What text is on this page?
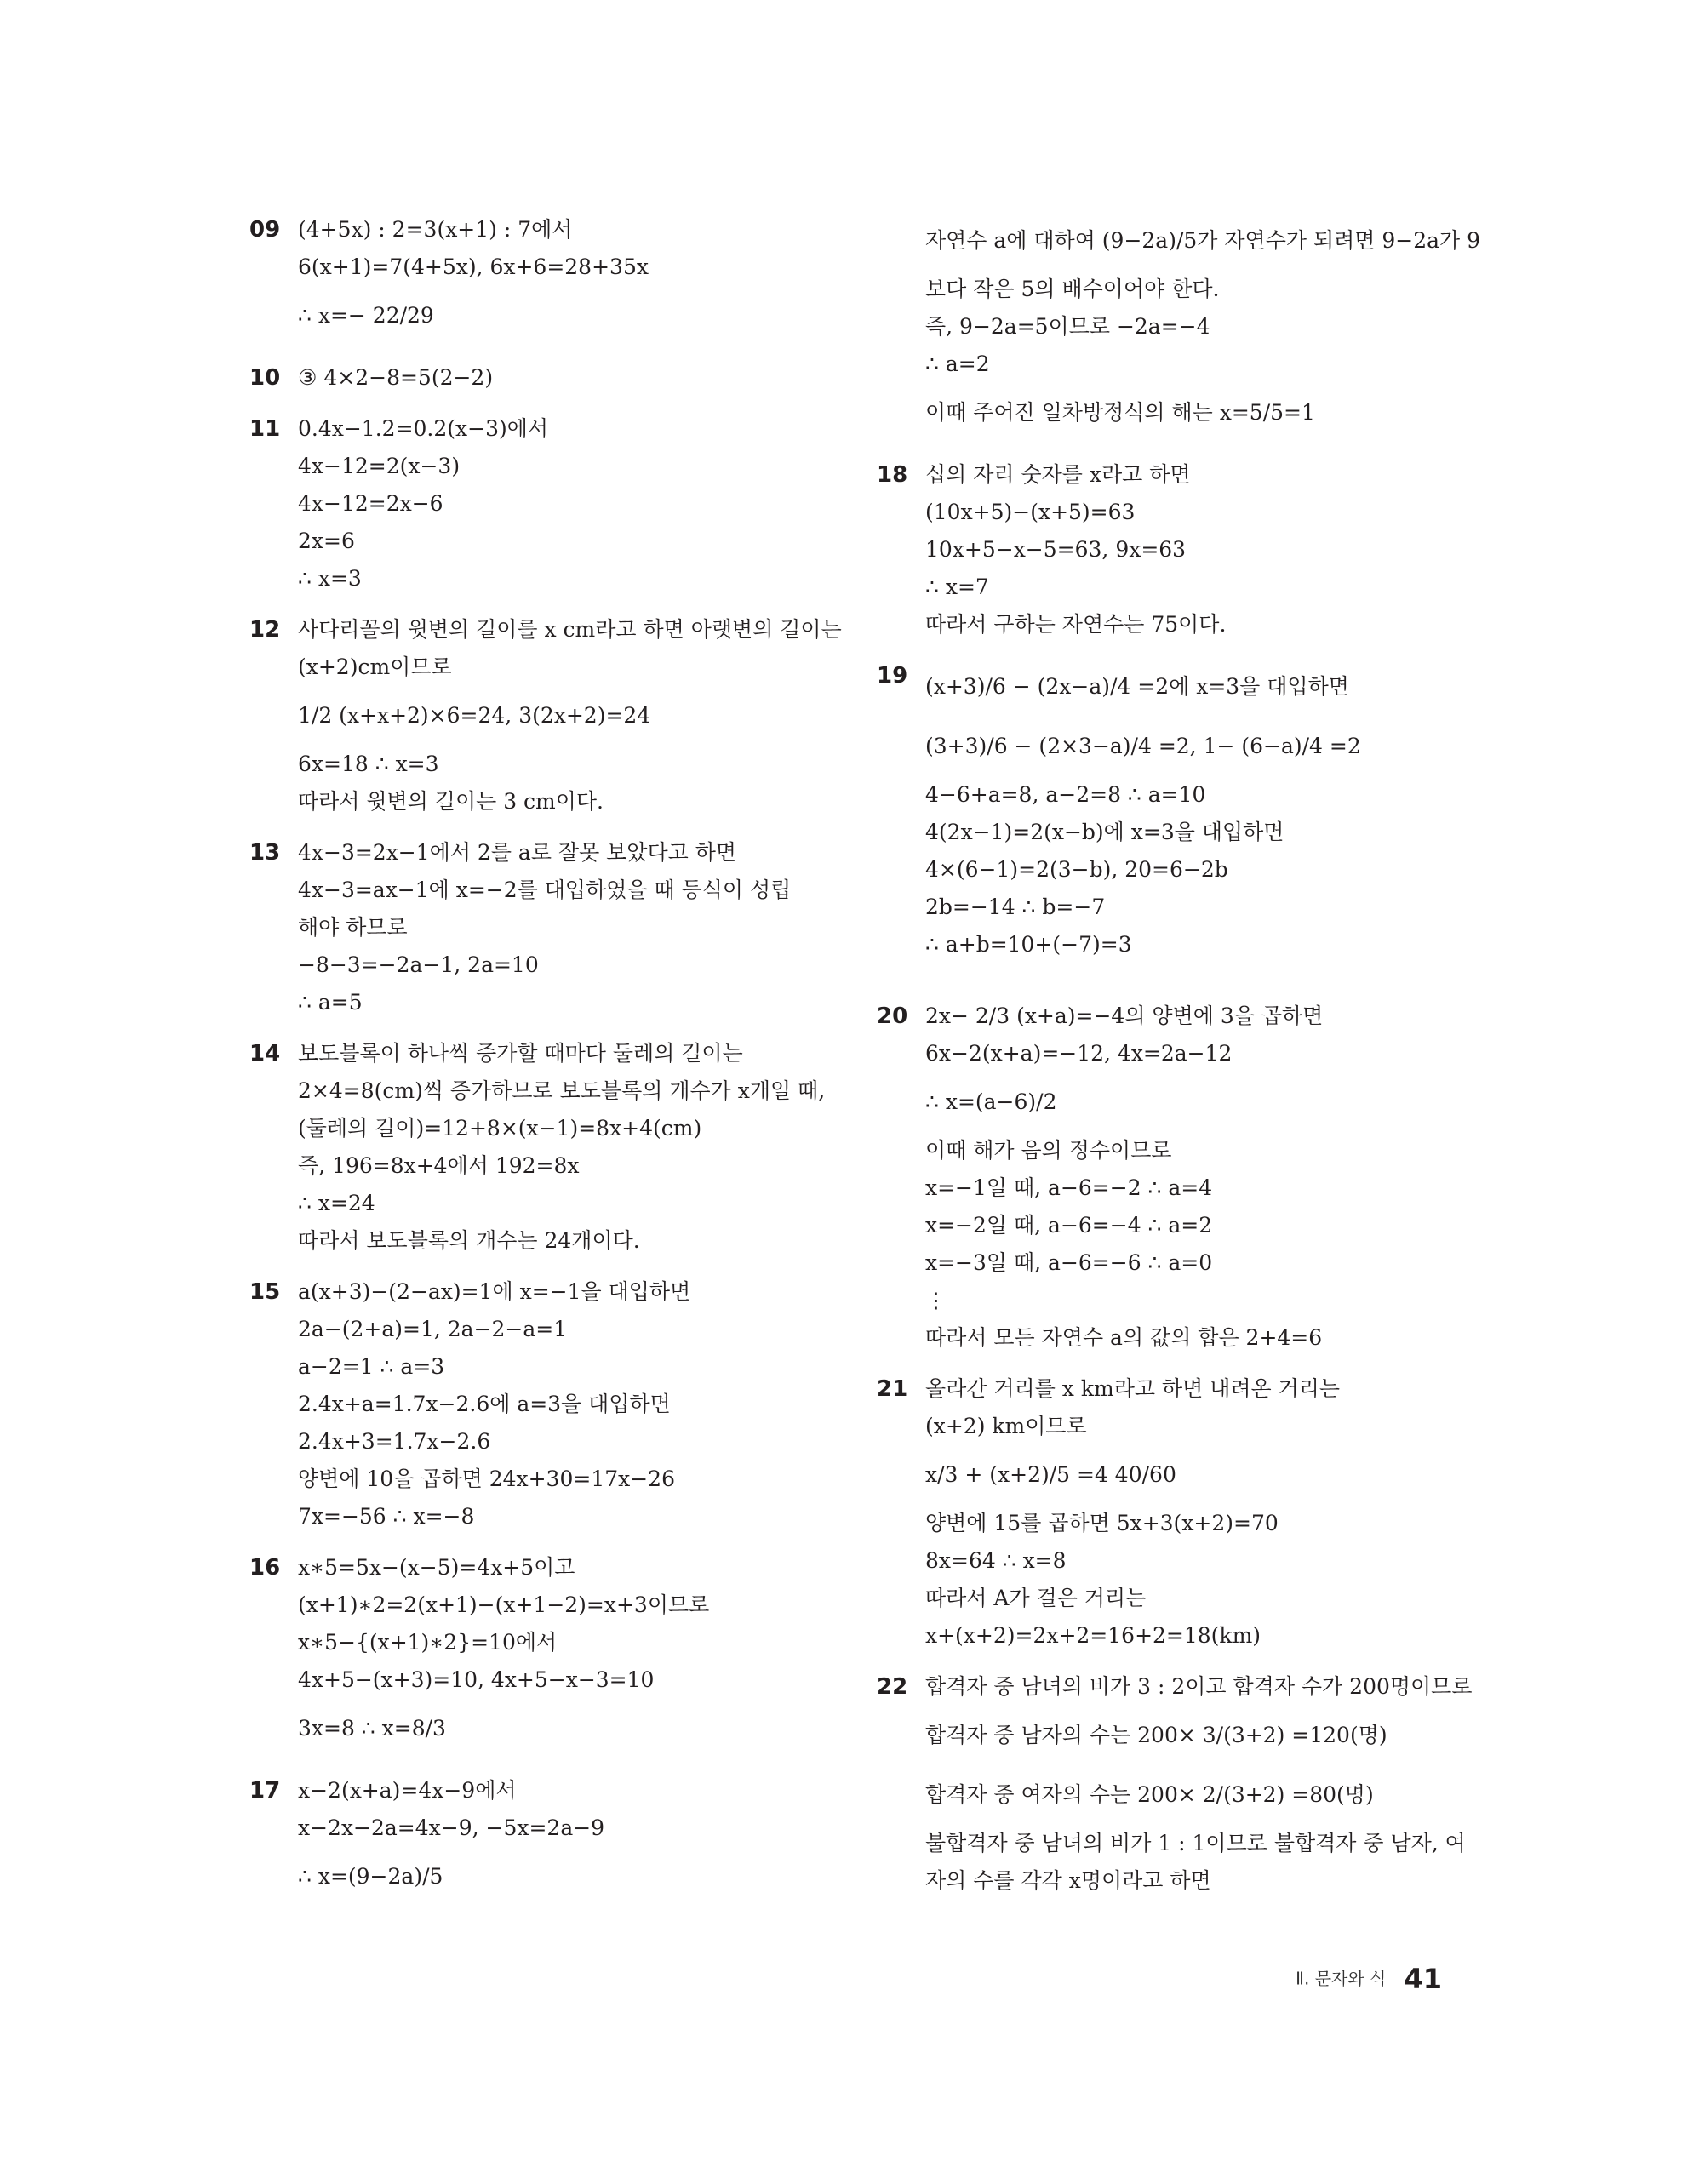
09 (4+5x) : 2=3(x+1) : 7에서
6(x+1)=7(4+5x), 6x+6=28+35x
∴ x=− 22/29
10 ③ 4×2−8=5(2−2)
11 0.4x−1.2=0.2(x−3)에서
4x−12=2(x−3)
4x−12=2x−6
2x=6
∴ x=3
12 사다리꼴의 윗변의 길이를 x cm라고 하면 아랫변의 길이는
(x+2)cm이므로
1/2 (x+x+2)×6=24, 3(2x+2)=24
6x=18 ∴ x=3
따라서 윗변의 길이는 3 cm이다.
13 4x−3=2x−1에서 2를 a로 잘못 보았다고 하면
4x−3=ax−1에 x=−2를 대입하였을 때 등식이 성립
해야 하므로
−8−3=−2a−1, 2a=10
∴ a=5
14 보도블록이 하나씩 증가할 때마다 둘레의 길이는
2×4=8(cm)씩 증가하므로 보도블록의 개수가 x개일 때,
(둘레의 길이)=12+8×(x−1)=8x+4(cm)
즉, 196=8x+4에서 192=8x
∴ x=24
따라서 보도블록의 개수는 24개이다.
15 a(x+3)−(2−ax)=1에 x=−1을 대입하면
2a−(2+a)=1, 2a−2−a=1
a−2=1 ∴ a=3
2.4x+a=1.7x−2.6에 a=3을 대입하면
2.4x+3=1.7x−2.6
양변에 10을 곱하면 24x+30=17x−26
7x=−56 ∴ x=−8
16 x∗5=5x−(x−5)=4x+5이고
(x+1)∗2=2(x+1)−(x+1−2)=x+3이므로
x∗5−{(x+1)∗2}=10에서
4x+5−(x+3)=10, 4x+5−x−3=10
3x=8 ∴ x=8/3
17 x−2(x+a)=4x−9에서
x−2x−2a=4x−9, −5x=2a−9
∴ x=(9−2a)/5
자연수 a에 대하여 (9−2a)/5가 자연수가 되려면 9−2a가 9
보다 작은 5의 배수이어야 한다.
즉, 9−2a=5이므로 −2a=−4
∴ a=2
이때 주어진 일차방정식의 해는 x=5/5=1
18 십의 자리 숫자를 x라고 하면
(10x+5)−(x+5)=63
10x+5−x−5=63, 9x=63
∴ x=7
따라서 구하는 자연수는 75이다.
19 (x+3)/6 − (2x−a)/4 =2에 x=3을 대입하면
(3+3)/6 − (2×3−a)/4 =2, 1− (6−a)/4 =2
4−6+a=8, a−2=8 ∴ a=10
4(2x−1)=2(x−b)에 x=3을 대입하면
4×(6−1)=2(3−b), 20=6−2b
2b=−14 ∴ b=−7
∴ a+b=10+(−7)=3
20 2x− 2/3 (x+a)=−4의 양변에 3을 곱하면
6x−2(x+a)=−12, 4x=2a−12
∴ x=(a−6)/2
이때 해가 음의 정수이므로
x=−1일 때, a−6=−2 ∴ a=4
x=−2일 때, a−6=−4 ∴ a=2
x=−3일 때, a−6=−6 ∴ a=0
⋮
따라서 모든 자연수 a의 값의 합은 2+4=6
21 올라간 거리를 x km라고 하면 내려온 거리는
(x+2) km이므로
x/3 + (x+2)/5 =4 40/60
양변에 15를 곱하면 5x+3(x+2)=70
8x=64 ∴ x=8
따라서 A가 걸은 거리는
x+(x+2)=2x+2=16+2=18(km)
22 합격자 중 남녀의 비가 3 : 2이고 합격자 수가 200명이므로
합격자 중 남자의 수는 200× 3/(3+2) =120(명)
합격자 중 여자의 수는 200× 2/(3+2) =80(명)
불합격자 중 남녀의 비가 1 : 1이므로 불합격자 중 남자, 여
자의 수를 각각 x명이라고 하면
Ⅱ. 문자와 식 41
